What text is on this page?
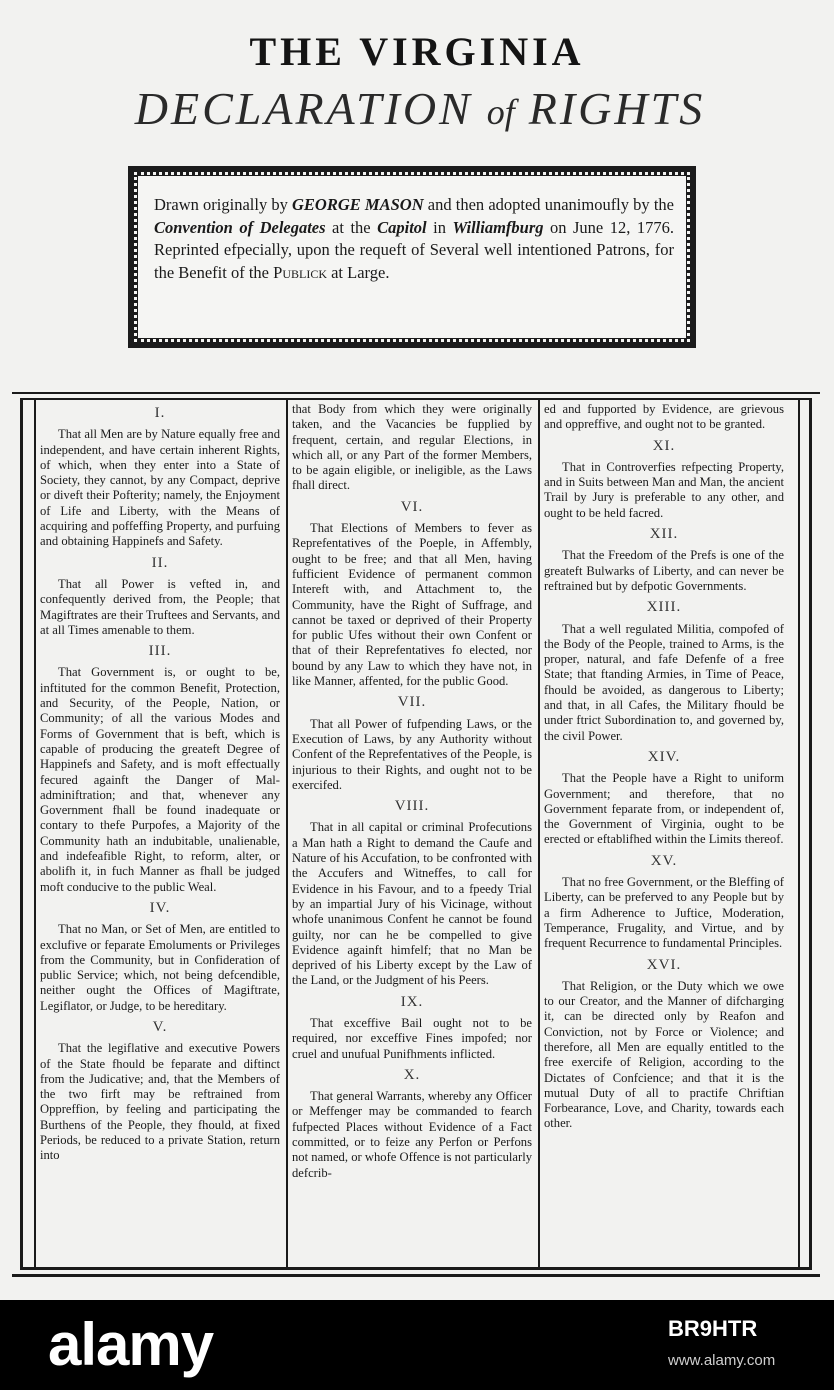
THE VIRGINIA
DECLARATION of RIGHTS
Drawn originally by GEORGE MASON and then adopted unanimoufly by the Convention of Delegates at the Capitol in Williamfburg on June 12, 1776. Reprinted efpecially, upon the requeft of Several well intentioned Patrons, for the Benefit of the Publick at Large.
I.

That all Men are by Nature equally free and independent, and have certain inherent Rights, of which, when they enter into a State of Society, they cannot, by any Compact, deprive or diveft their Pofterity; namely, the Enjoyment of Life and Liberty, with the Means of acquiring and poffeffing Property, and purfuing and obtaining Happinefs and Safety.

II.

That all Power is vefted in, and confequently derived from, the People; that Magiftrates are their Truftees and Servants, and at all Times amenable to them.

III.

That Government is, or ought to be, inftituted for the common Benefit, Protection, and Security, of the People, Nation, or Community; of all the various Modes and Forms of Government that is beft, which is capable of producing the greateft Degree of Happinefs and Safety, and is moft effectually fecured againft the Danger of Mal-adminiftration; and that, whenever any Government fhall be found inadequate or contary to thefe Purpofes, a Majority of the Community hath an indubitable, unalienable, and indefeafible Right, to reform, alter, or abolifh it, in fuch Manner as fhall be judged moft conducive to the public Weal.

IV.

That no Man, or Set of Men, are entitled to exclufive or feparate Emoluments or Privileges from the Community, but in Confideration of public Service; which, not being defcendible, neither ought the Offices of Magiftrate, Legiflator, or Judge, to be hereditary.

V.

That the legiflative and executive Powers of the State fhould be feparate and diftinct from the Judicative; and, that the Members of the two firft may be reftrained from Oppreffion, by feeling and participating the Burthens of the People, they fhould, at fixed Periods, be reduced to a private Station, return into

that Body from which they were originally taken, and the Vacancies be fupplied by frequent, certain, and regular Elections, in which all, or any Part of the former Members, to be again eligible, or ineligible, as the Laws fhall direct.

VI.

That Elections of Members to fever as Reprefentatives of the Poeple, in Affembly, ought to be free; and that all Men, having fufficient Evidence of permanent common Intereft with, and Attachment to, the Community, have the Right of Suffrage, and cannot be taxed or deprived of their Property for public Ufes without their own Confent or that of their Reprefentatives fo elected, nor bound by any Law to which they have not, in like Manner, affented, for the public Good.

VII.

That all Power of fufpending Laws, or the Execution of Laws, by any Authority without Confent of the Reprefentatives of the People, is injurious to their Rights, and ought not to be exercifed.

VIII.

That in all capital or criminal Profecutions a Man hath a Right to demand the Caufe and Nature of his Accufation, to be confronted with the Accufers and Witneffes, to call for Evidence in his Favour, and to a fpeedy Trial by an impartial Jury of his Vicinage, without whofe unanimous Confent he cannot be found guilty, nor can he be compelled to give Evidence againft himfelf; that no Man be deprived of his Liberty except by the Law of the Land, or the Judgment of his Peers.

IX.

That exceffive Bail ought not to be required, nor exceffive Fines impofed; nor cruel and unufual Punifhments inflicted.

X.

That general Warrants, whereby any Officer or Meffenger may be commanded to fearch fufpected Places without Evidence of a Fact committed, or to feize any Perfon or Perfons not named, or whofe Offence is not particularly defcrib-

ed and fupported by Evidence, are grievous and oppreffive, and ought not to be granted.

XI.

That in Controverfies refpecting Property, and in Suits between Man and Man, the ancient Trail by Jury is preferable to any other, and ought to be held facred.

XII.

That the Freedom of the Prefs is one of the greateft Bulwarks of Liberty, and can never be reftrained but by defpotic Governments.

XIII.

That a well regulated Militia, compofed of the Body of the People, trained to Arms, is the proper, natural, and fafe Defenfe of a free State; that ftanding Armies, in Time of Peace, fhould be avoided, as dangerous to Liberty; and that, in all Cafes, the Military fhould be under ftrict Subordination to, and governed by, the civil Power.

XIV.

That the People have a Right to uniform Government; and therefore, that no Government feparate from, or independent of, the Government of Virginia, ought to be erected or eftablifhed within the Limits thereof.

XV.

That no free Government, or the Bleffing of Liberty, can be preferved to any People but by a firm Adherence to Juftice, Moderation, Temperance, Frugality, and Virtue, and by frequent Recurrence to fundamental Principles.

XVI.

That Religion, or the Duty which we owe to our Creator, and the Manner of difcharging it, can be directed only by Reafon and Conviction, not by Force or Violence; and therefore, all Men are equally entitled to the free exercife of Religion, according to the Dictates of Confcience; and that it is the mutual Duty of all to practife Chriftian Forbearance, Love, and Charity, towards each other.

alamy	BR9HTR
www.alamy.com
